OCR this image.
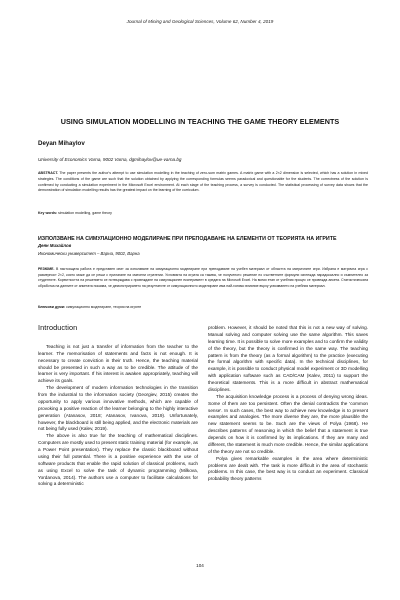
Journal of Mining and Geological Sciences, Volume 62, Number 4, 2019
USING SIMULATION MODELLING IN TEACHING THE GAME THEORY ELEMENTS
Deyan Mihaylov
University of Economics Varna, 9002 Varna, dgmihaylov@ue-varna.bg
ABSTRACT. The paper presents the author's attempt to use simulation modelling in the teaching of zero-sum matrix games. A matrix game with a 2×2 dimension is selected, which has a solution in mixed strategies. The conditions of the game are such that the solution obtained by applying the corresponding formulas seems paradoxical and questionable for the students. The correctness of the solution is confirmed by conducting a simulation experiment in the Microsoft Excel environment. At each stage of the teaching process, a survey is conducted. The statistical processing of survey data shows that the demonstration of simulation modelling results has the greatest impact on the learning of the curriculum.
Key words: simulation modelling, game theory
ИЗПОЛЗВАНЕ НА СИМУЛАЦИОННО МОДЕЛИРАНЕ ПРИ ПРЕПОДАВАНЕ НА ЕЛЕМЕНТИ ОТ ТЕОРИЯТА НА ИГРИТЕ
Деян Михайлов
Икономически университет – Варна, 9002, Варна
РЕЗЮМЕ. В настоящата работа е представен опит за използване на симулационно моделиране при преподаване на учебен материал от областта на матричните игри. Избрана е матрична игра с размерност 2×2, която може да се реши с прилагане на смесени стратегии. Условията на играта са такива, че полученото решение по съответните формули изглежда парадоксално и съмнително за студентите. Коректността на решението се потвърждава с провеждане на симулационен експеримент в средата на Microsoft Excel. На всеки етап от учебния процес се провежда анкета. Статистическата обработка на данните от анкетата показва, че демонстрирането на резултатите от симулационното моделиране има най-голямо влияние върху усвояването на учебния материал.
Ключови думи: симулационно моделиране, теория на игрите
Introduction

Teaching is not just a transfer of information from the teacher to the learner. The memorisation of statements and facts is not enough. It is necessary to create conviction in their truth. Hence, the teaching material should be presented in such a way as to be credible. The attitude of the learner is very important. If his interest is awaken appropriately, teaching will achieve its goals.

The development of modern information technologies in the transition from the industrial to the information society (Georgiev, 2015) creates the opportunity to apply various innovative methods, which are capable of provoking a positive reaction of the learner belonging to the highly interactive generation (Atanasov, 2018; Atanasov, Ivanova, 2019). Unfortunately, however, the blackboard is still being applied, and the electronic materials are not being fully used (Kalev, 2019).

The above is also true for the teaching of mathematical disciplines. Computers are mostly used to present static training material (for example, as a Power Point presentation). They replace the classic blackboard without using their full potential. There is a positive experience with the use of software products that enable the rapid solution of classical problems, such as using Excel to solve the task of dynamic programming (Milkova, Yordanova, 2014). The authors use a computer to facilitate calculations for solving a deterministic

problem. However, it should be noted that this is not a new way of solving. Manual solving and computer solving use the same algorithm. This saves learning time. It is possible to solve more examples and to confirm the validity of the theory, but the theory is confirmed in the same way. The teaching pattern is from the theory (as a formal algorithm) to the practice (executing the formal algorithm with specific data). In the technical disciplines, for example, it is possible to conduct physical model experiment or 3D modelling with application software such as CAD/CAM (Kalev, 2011) to support the theoretical statements. This is a more difficult in abstract mathematical disciplines.

The acquisition knowledge process is a process of denying wrong ideas. Some of them are too persistent. Often the denial contradicts the 'common sense'. In such cases, the best way to achieve new knowledge is to present examples and analogies. The more diverse they are, the more plausible the new statement seems to be. Such are the views of Polya (1968). He describes patterns of reasoning in which the belief that a statement is true depends on how it is confirmed by its implications. If they are many and different, the statement is much more credible. Hence, the similar applications of the theory are not so credible.

Polya gives remarkable examples in the area where deterministic problems are dealt with. The task is more difficult in the area of stochastic problems. In this case, the best way is to conduct an experiment. Classical probability theory patterns

104
